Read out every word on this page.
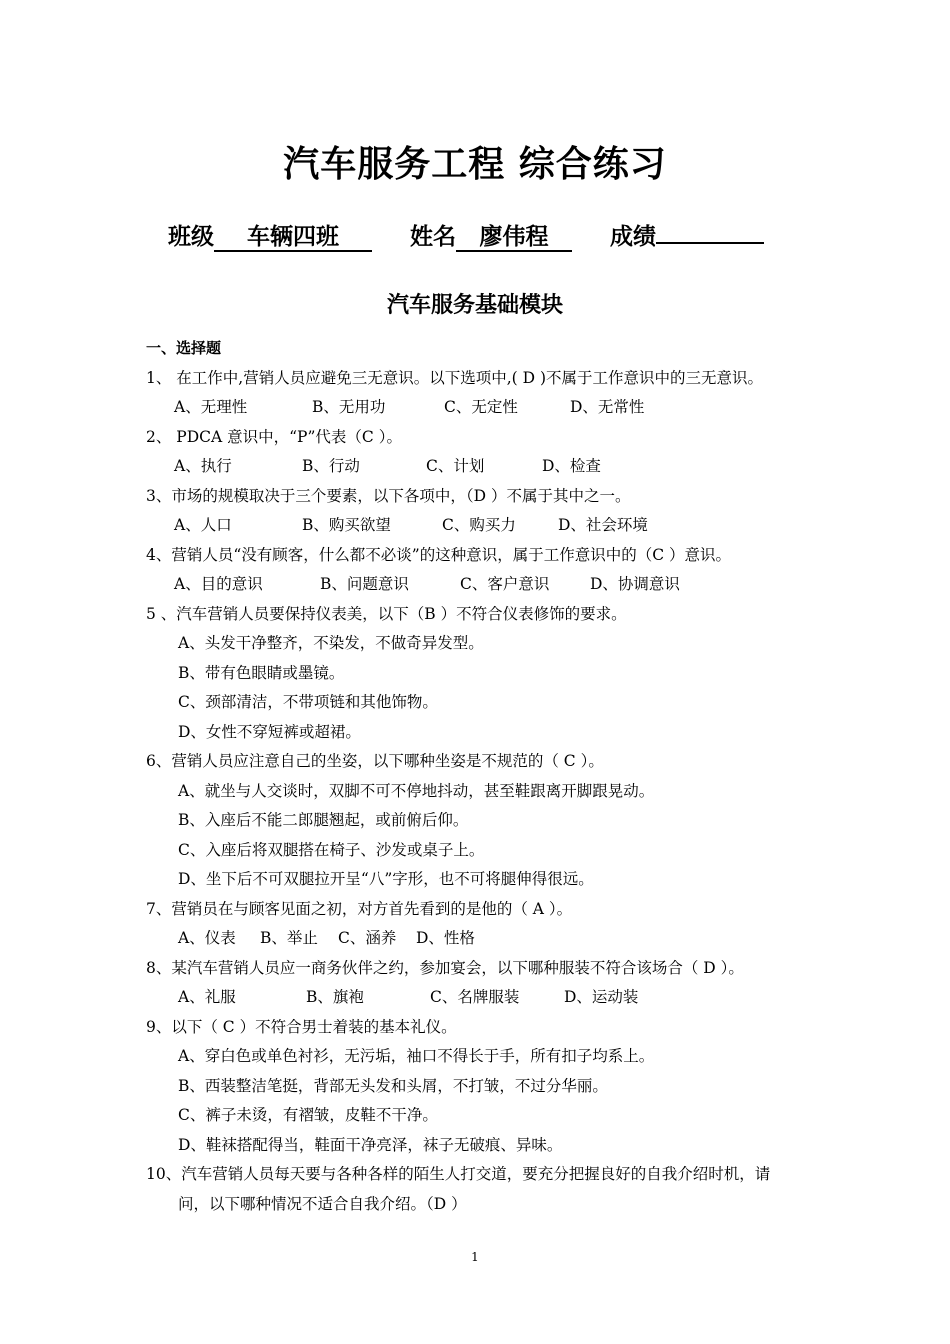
汽车服务工程 综合练习
班级 车辆四班	姓名 廖伟程	成绩
汽车服务基础模块
一、选择题
1、 在工作中,营销人员应避免三无意识。以下选项中,( D )不属于工作意识中的三无意识。
A、无理性	B、无用功	C、无定性	D、无常性
2、 PDCA 意识中，“P”代表（C ）。
A、执行	B、行动	C、计划	D、检查
3、市场的规模取决于三个要素，以下各项中，（D ）不属于其中之一。
A、人口	B、购买欲望	C、购买力	D、社会环境
4、营销人员“没有顾客，什么都不必谈”的这种意识，属于工作意识中的（C ）意识。
A、目的意识	B、问题意识	C、客户意识	D、协调意识
5 、汽车营销人员要保持仪表美，以下（B ）不符合仪表修饰的要求。
A、头发干净整齐，不染发，不做奇异发型。
B、带有色眼睛或墨镜。
C、颈部清洁，不带项链和其他饰物。
D、女性不穿短裤或超裙。
6、营销人员应注意自己的坐姿，以下哪种坐姿是不规范的（ C ）。
A、就坐与人交谈时，双脚不可不停地抖动，甚至鞋跟离开脚跟晃动。
B、入座后不能二郎腿翘起，或前俯后仰。
C、入座后将双腿搭在椅子、沙发或桌子上。
D、坐下后不可双腿拉开呈“八”字形，也不可将腿伸得很远。
7、营销员在与顾客见面之初，对方首先看到的是他的（ A ）。
A、仪表 B、举止 C、涵养 D、性格
8、某汽车营销人员应一商务伙伴之约，参加宴会，以下哪种服装不符合该场合（ D ）。
A、礼服	B、旗袍	C、名牌服装	D、运动装
9、以下（ C ）不符合男士着装的基本礼仪。
A、穿白色或单色衬衫，无污垢，袖口不得长于手，所有扣子均系上。
B、西装整洁笔挺，背部无头发和头屑，不打皱，不过分华丽。
C、裤子未烫，有褶皱，皮鞋不干净。
D、鞋袜搭配得当，鞋面干净亮泽，袜子无破痕、异味。
10、汽车营销人员每天要与各种各样的陌生人打交道，要充分把握良好的自我介绍时机，请
问，以下哪种情况不适合自我介绍。（D ）
1
